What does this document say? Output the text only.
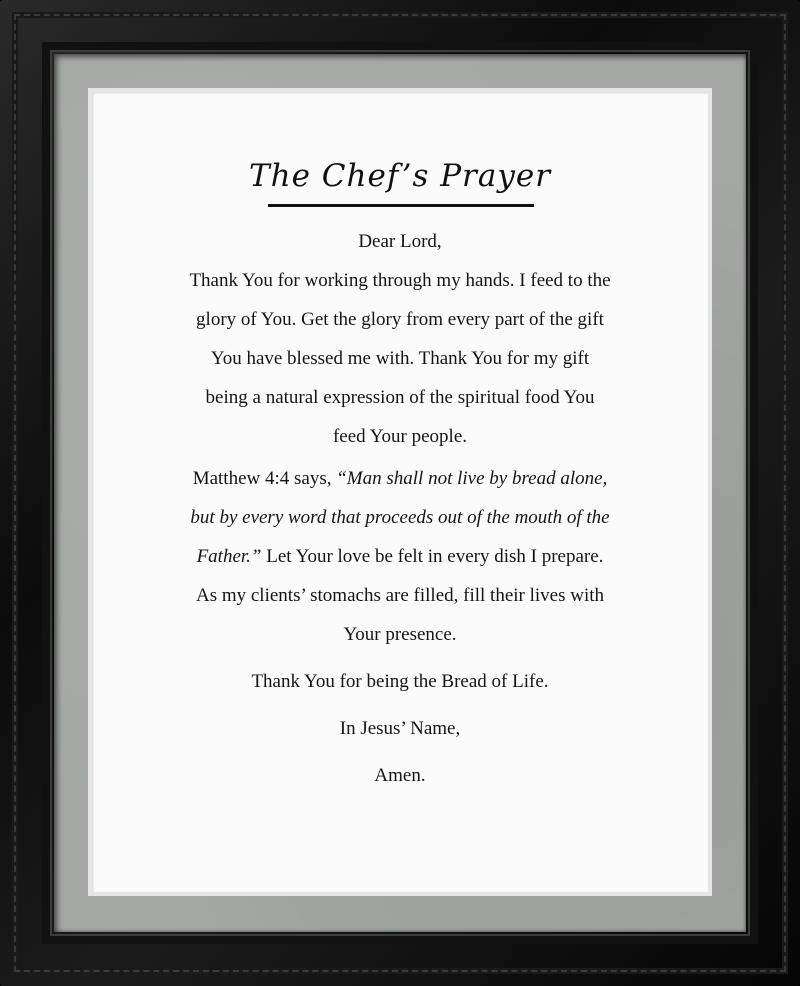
The Chef’s Prayer

Dear Lord,

Thank You for working through my hands. I feed to the

glory of You. Get the glory from every part of the gift

You have blessed me with. Thank You for my gift

being a natural expression of the spiritual food You

feed Your people.

Matthew 4:4 says, “Man shall not live by bread alone,

but by every word that proceeds out of the mouth of the

Father.” Let Your love be felt in every dish I prepare.

As my clients’ stomachs are filled, fill their lives with

Your presence.

Thank You for being the Bread of Life.

In Jesus’ Name,

Amen.
